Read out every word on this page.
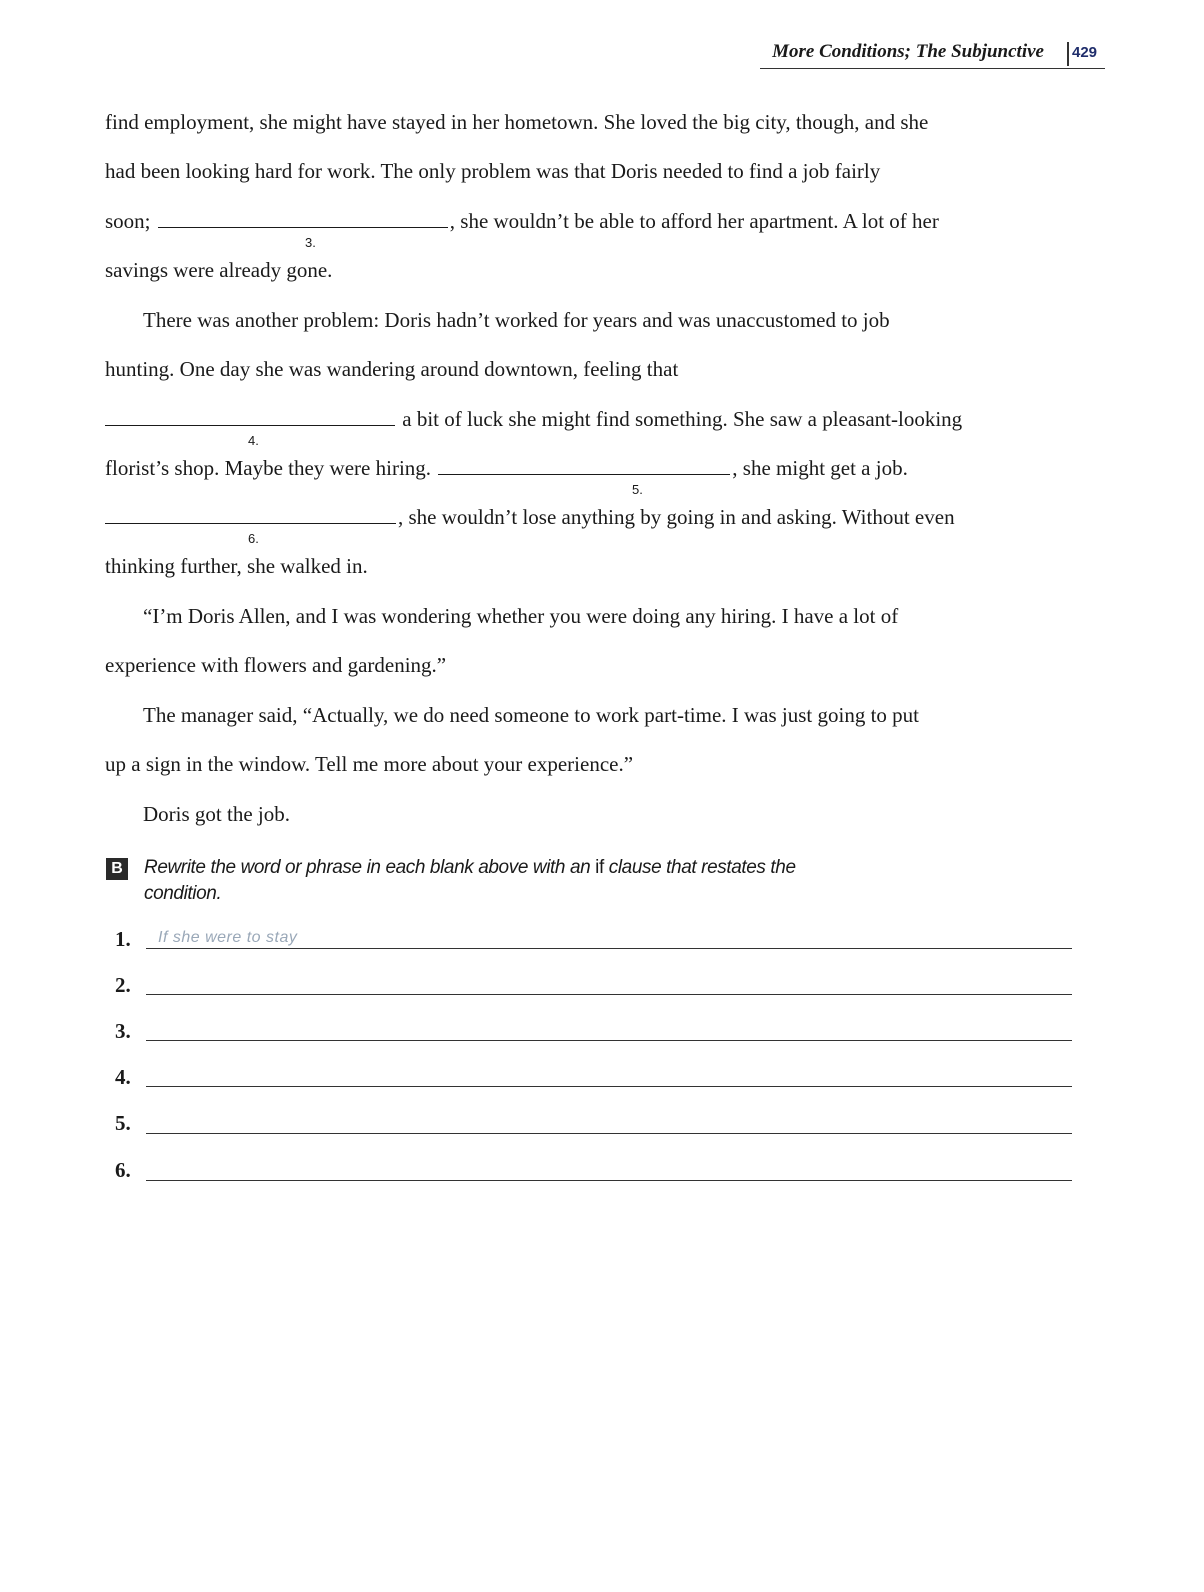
More Conditions; The Subjunctive 429
find employment, she might have stayed in her hometown. She loved the big city, though, and she
had been looking hard for work. The only problem was that Doris needed to find a job fairly
soon;	, she wouldn’t be able to afford her apartment. A lot of her
3.
savings were already gone.
There was another problem: Doris hadn’t worked for years and was unaccustomed to job
hunting. One day she was wandering around downtown, feeling that
a bit of luck she might find something. She saw a pleasant-looking
4.
florist’s shop. Maybe they were hiring.	, she might get a job.
5.
, she wouldn’t lose anything by going in and asking. Without even
6.
thinking further, she walked in.
“I’m Doris Allen, and I was wondering whether you were doing any hiring. I have a lot of
experience with flowers and gardening.”
The manager said, “Actually, we do need someone to work part-time. I was just going to put
up a sign in the window. Tell me more about your experience.”
Doris got the job.
B Rewrite the word or phrase in each blank above with an if clause that restates the
condition.
1.	If she were to stay
2.
3.
4.
5.
6.
